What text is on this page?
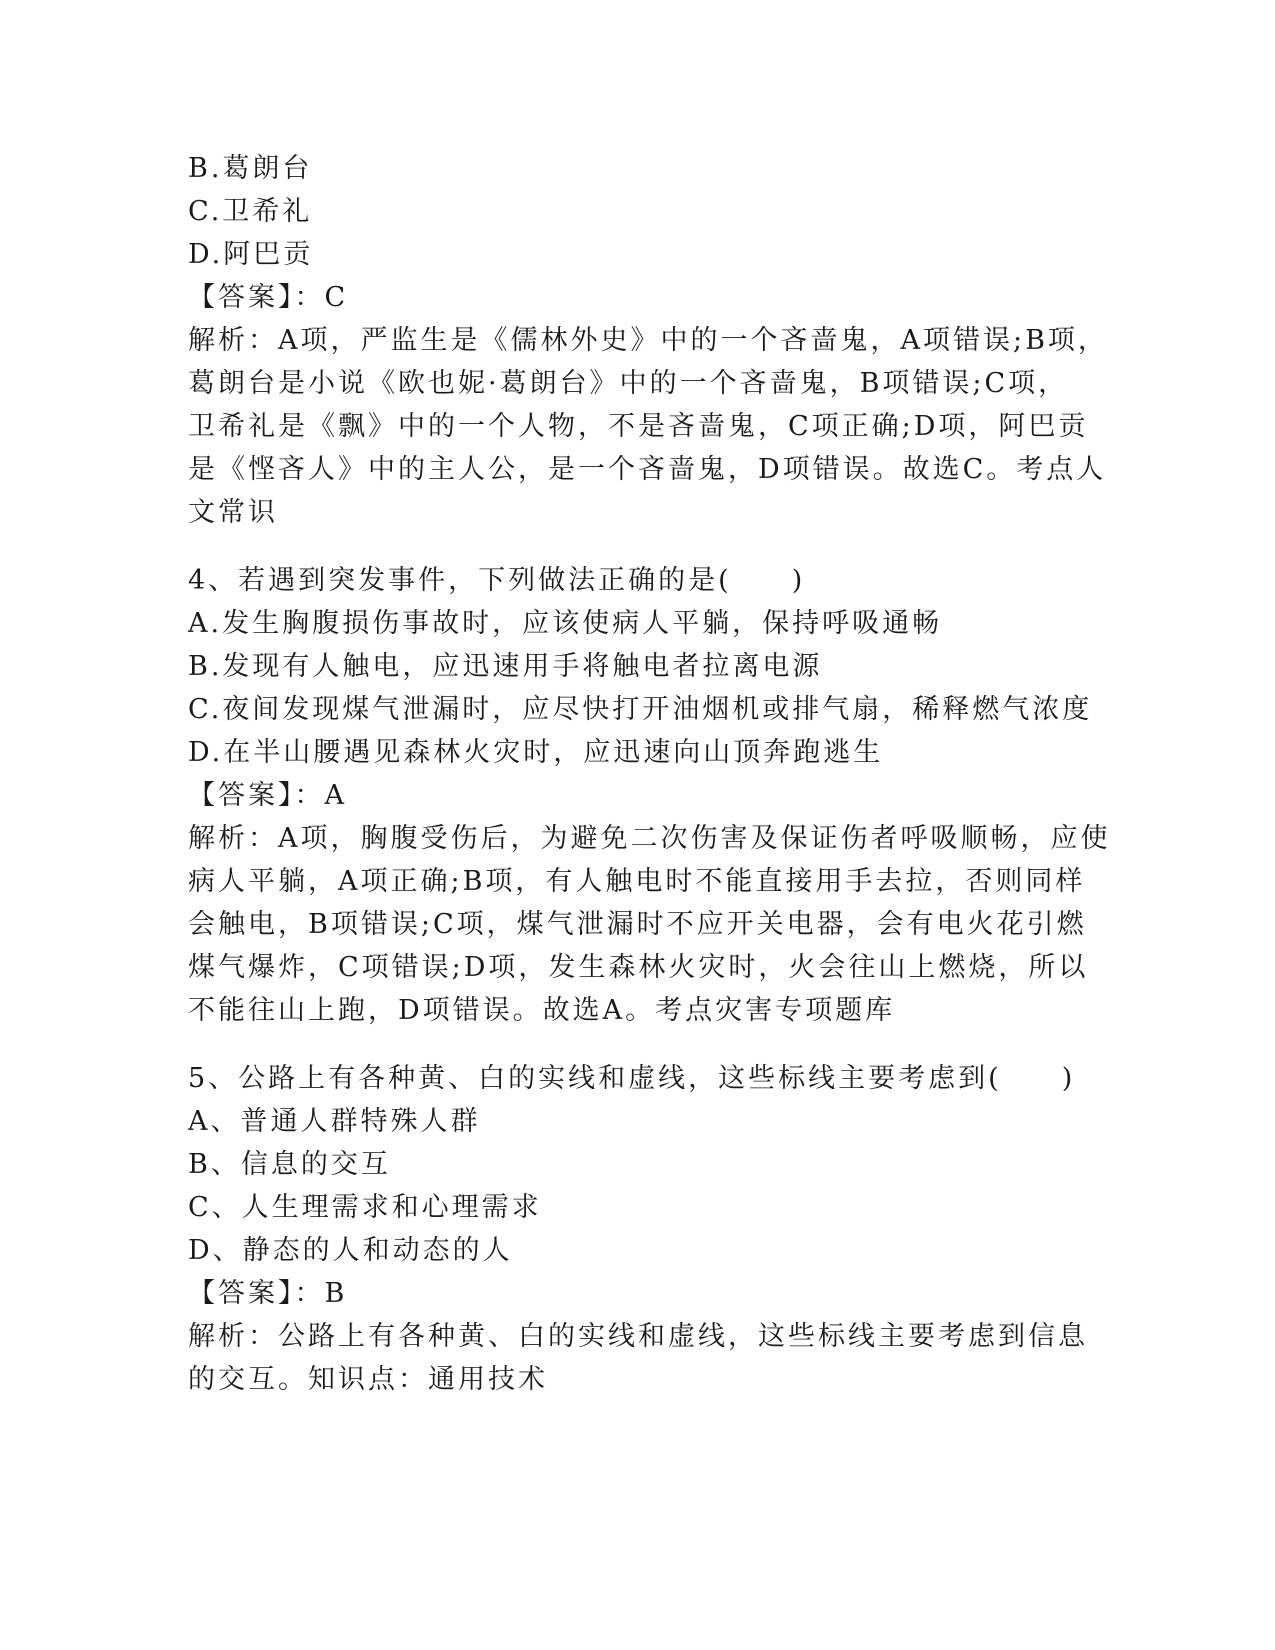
B.葛朗台
C.卫希礼
D.阿巴贡
【答案】：C
解析：A项，严监生是《儒林外史》中的一个吝啬鬼，A项错误;B项，
葛朗台是小说《欧也妮·葛朗台》中的一个吝啬鬼，B项错误;C项，
卫希礼是《飘》中的一个人物，不是吝啬鬼，C项正确;D项，阿巴贡
是《悭吝人》中的主人公，是一个吝啬鬼，D项错误。故选C。考点人
文常识
4、若遇到突发事件，下列做法正确的是(　　)
A.发生胸腹损伤事故时，应该使病人平躺，保持呼吸通畅
B.发现有人触电，应迅速用手将触电者拉离电源
C.夜间发现煤气泄漏时，应尽快打开油烟机或排气扇，稀释燃气浓度
D.在半山腰遇见森林火灾时，应迅速向山顶奔跑逃生
【答案】：A
解析：A项，胸腹受伤后，为避免二次伤害及保证伤者呼吸顺畅，应使
病人平躺，A项正确;B项，有人触电时不能直接用手去拉，否则同样
会触电，B项错误;C项，煤气泄漏时不应开关电器，会有电火花引燃
煤气爆炸，C项错误;D项，发生森林火灾时，火会往山上燃烧，所以
不能往山上跑，D项错误。故选A。考点灾害专项题库
5、公路上有各种黄、白的实线和虚线，这些标线主要考虑到(　　)
A、普通人群特殊人群
B、信息的交互
C、人生理需求和心理需求
D、静态的人和动态的人
【答案】：B
解析：公路上有各种黄、白的实线和虚线，这些标线主要考虑到信息
的交互。知识点：通用技术
